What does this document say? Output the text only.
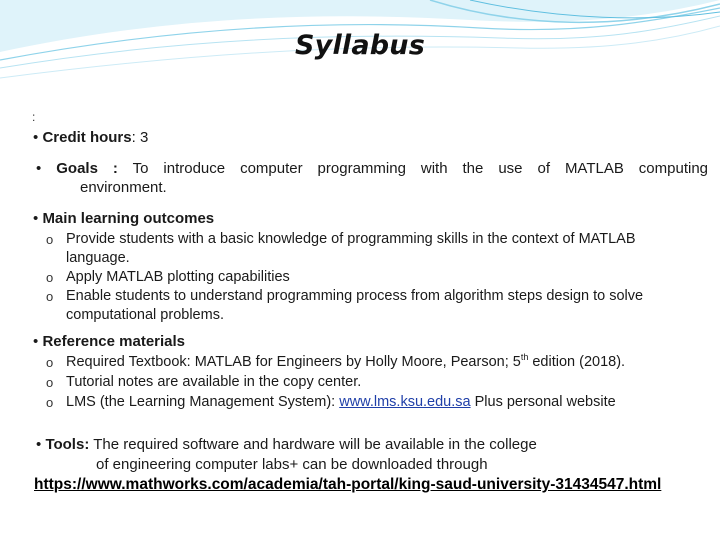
Syllabus
:
• Credit hours: 3
• Goals : To introduce computer programming with the use of MATLAB computing
environment.
• Main learning outcomes
o Provide students with a basic knowledge of programming skills in the context of MATLAB
language.
o Apply MATLAB plotting capabilities
o Enable students to understand programming process from algorithm steps design to solve
computational problems.
• Reference materials
o Required Textbook: MATLAB for Engineers by Holly Moore, Pearson; 5th edition (2018).
o Tutorial notes are available in the copy center.
o LMS (the Learning Management System): www.lms.ksu.edu.sa Plus personal website
• Tools: The required software and hardware will be available in the college
of engineering computer labs+ can be downloaded through
https://www.mathworks.com/academia/tah-portal/king-saud-university-31434547.html
